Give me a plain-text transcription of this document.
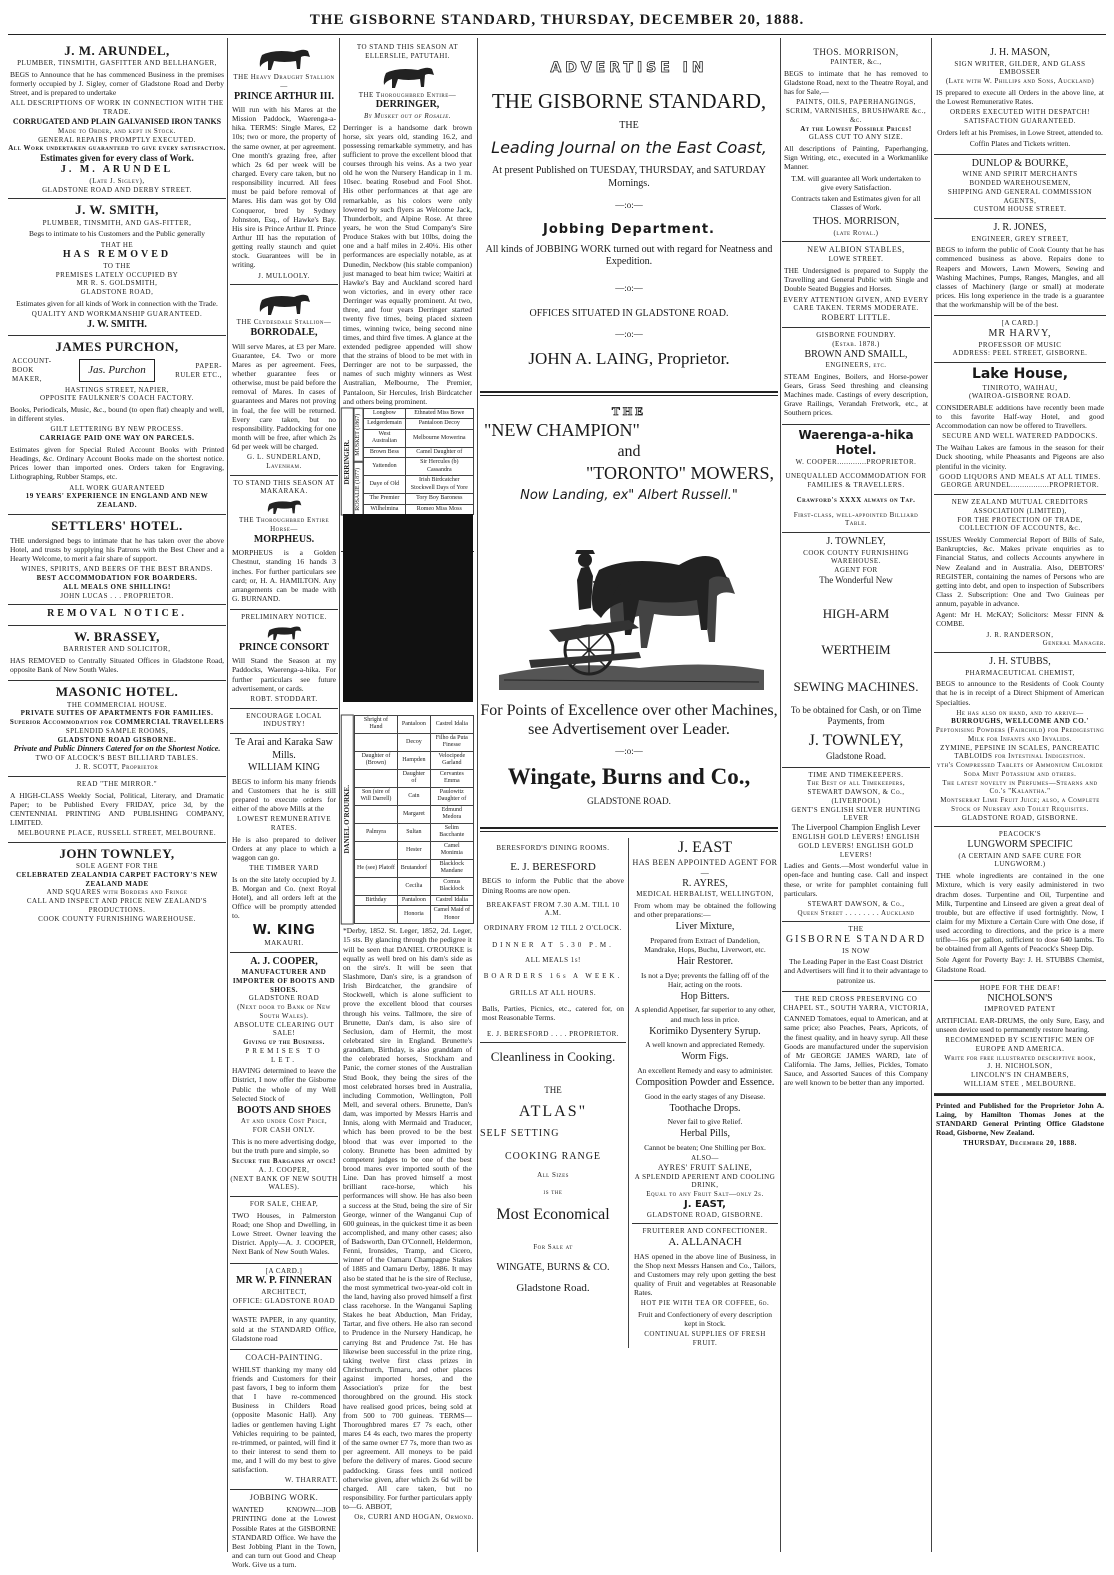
THE GISBORNE STANDARD, THURSDAY, DECEMBER 20, 1888.
J. M. ARUNDEL,
PLUMBER, TINSMITH, GASFITTER AND BELLHANGER,
BEGS to Announce that he has commenced Business in the premises formerly occupied by J. Sigley, corner of Gladstone Road and Derby Street, and is prepared to undertake
ALL DESCRIPTIONS OF WORK IN CONNECTION WITH THE TRADE.
CORRUGATED AND PLAIN GALVANISED IRON TANKS
Made to Order, and kept in Stock.
GENERAL REPAIRS PROMPTLY EXECUTED.
All Work undertaken guaranteed to give every satisfaction.
Estimates given for every class of Work.
J. M. ARUNDEL
(Late J. Sigley),
GLADSTONE ROAD AND DERBY STREET.
J. W. SMITH,
PLUMBER, TINSMITH, AND GAS-FITTER,
Begs to intimate to his Customers and the Public generally
THAT HE
HAS REMOVED
TO THE
PREMISES LATELY OCCUPIED BY
MR R. S. GOLDSMITH,
GLADSTONE ROAD,
Estimates given for all kinds of Work in connection with the Trade.
QUALITY AND WORKMANSHIP GUARANTEED.
J. W. SMITH.
JAMES PURCHON,
ACCOUNT-BOOK MAKER,
Jas. Purchon	PAPER-RULER ETC.,
HASTINGS STREET, NAPIER,
OPPOSITE FAULKNER'S COACH FACTORY.
Books, Periodicals, Music, &c., bound (to open flat) cheaply and well, in different styles.
GILT LETTERING BY NEW PROCESS.
CARRIAGE PAID ONE WAY ON PARCELS.
Estimates given for Special Ruled Account Books with Printed Headings, &c. Ordinary Account Books made on the shortest notice. Prices lower than imported ones. Orders taken for Engraving, Lithographing, Rubber Stamps, etc.
ALL WORK GUARANTEED
19 YEARS' EXPERIENCE IN ENGLAND AND NEW ZEALAND.
SETTLERS' HOTEL.
THE undersigned begs to intimate that he has taken over the above Hotel, and trusts by supplying his Patrons with the Best Cheer and a Hearty Welcome, to merit a fair share of support.
WINES, SPIRITS, AND BEERS OF THE BEST BRANDS.
BEST ACCOMMODATION FOR BOARDERS.
ALL MEALS ONE SHILLING!
JOHN LUCAS . . . PROPRIETOR.
REMOVAL NOTICE.
W. BRASSEY,
BARRISTER AND SOLICITOR,
HAS REMOVED to Centrally Situated Offices in Gladstone Road, opposite Bank of New South Wales.
MASONIC HOTEL.
THE COMMERCIAL HOUSE.
PRIVATE SUITES OF APARTMENTS FOR FAMILIES.
Superior Accommodation for COMMERCIAL TRAVELLERS
SPLENDID SAMPLE ROOMS,
GLADSTONE ROAD GISBORNE.
Private and Public Dinners Catered for on the Shortest Notice.
TWO OF ALCOCK'S BEST BILLIARD TABLES.
J. R. SCOTT, Proprietor
READ "THE MIRROR."
A HIGH-CLASS Weekly Social, Political, Literary, and Dramatic Paper; to be Published Every FRIDAY, price 3d, by the CENTENNIAL PRINTING AND PUBLISHING COMPANY, LIMITED.
MELBOURNE PLACE, RUSSELL STREET, MELBOURNE.
JOHN TOWNLEY,
SOLE AGENT FOR THE
CELEBRATED ZEALANDIA CARPET FACTORY'S NEW ZEALAND MADE
AND SQUARES with Borders and Fringe
CALL AND INSPECT AND PRICE NEW ZEALAND'S PRODUCTIONS.
COOK COUNTY FURNISHING WAREHOUSE.
THE Heavy Draught Stallion—
PRINCE ARTHUR III.
Will run with his Mares at the Mission Paddock, Waerenga-a-hika. TERMS: Single Mares, £2 10s; two or more, the property of the same owner, at per agreement. One month's grazing free, after which 2s 6d per week will be charged. Every care taken, but no responsibility incurred. All fees must be paid before removal of Mares. His dam was got by Old Conqueror, bred by Sydney Johnston, Esq., of Hawke's Bay. His sire is Prince Arthur II. Prince Arthur III has the reputation of getting really staunch and quiet stock. Guarantees will be in writing.
J. MULLOOLY.
THE Clydesdale Stallion—
BORRODALE,
Will serve Mares, at £3 per Mare. Guarantee, £4. Two or more Mares as per agreement. Fees, whether guarantee fees or otherwise, must be paid before the removal of Mares. In cases of guarantees and Mares not proving in foal, the fee will be returned. Every care taken, but no responsibility. Paddocking for one month will be free, after which 2s 6d per week will be charged.
G. L. SUNDERLAND, Lavenham.
TO STAND THIS SEASON AT MAKARAKA.
THE Thoroughbred Entire Horse—
MORPHEUS.
MORPHEUS is a Golden Chestnut, standing 16 hands 3 inches. For further particulars see card; or, H. A. HAMILTON. Any arrangements can be made with G. BURNAND.
PRELIMINARY NOTICE.
PRINCE CONSORT
Will Stand the Season at my Paddocks, Waerenga-a-hika. For further particulars see future advertisement, or cards.
ROBT. STODDART.
ENCOURAGE LOCAL INDUSTRY!
Te Arai and Karaka Saw Mills.
WILLIAM KING
BEGS to inform his many friends and Customers that he is still prepared to execute orders for either of the above Mills at the
LOWEST REMUNERATIVE RATES.
He is also prepared to deliver Orders at any place to which a waggon can go.
THE TIMBER YARD
Is on the site lately occupied by J. B. Morgan and Co. (next Royal Hotel), and all orders left at the Office will be promptly attended to.
W. KING
MAKAURI.
A. J. COOPER,
MANUFACTURER AND IMPORTER OF BOOTS AND SHOES.
GLADSTONE ROAD
(Next door to Bank of New South Wales).
ABSOLUTE CLEARING OUT SALE!
Giving up the Business.
PREMISES TO LET.
HAVING determined to leave the District, I now offer the Gisborne Public the whole of my Well Selected Stock of
BOOTS AND SHOES
At and under Cost Price,
FOR CASH ONLY.
This is no mere advertising dodge, but the truth pure and simple, so
Secure the Bargains at once!
A. J. COOPER,
(NEXT BANK OF NEW SOUTH WALES).
FOR SALE, CHEAP,
TWO Houses, in Palmerston Road; one Shop and Dwelling, in Lowe Street. Owner leaving the District. Apply—A. J. COOPER, Next Bank of New South Wales.
[A CARD.]
MR W. P. FINNERAN
ARCHITECT,
OFFICE: GLADSTONE ROAD
WASTE PAPER, in any quantity, sold at the STANDARD Office, Gladstone road
COACH-PAINTING.
WHILST thanking my many old friends and Customers for their past favors, I beg to inform them that I have re-commenced Business in Childers Road (opposite Masonic Hall). Any ladies or gentlemen having Light Vehicles requiring to be painted, re-trimmed, or painted, will find it to their interest to send them to me, and I will do my best to give satisfaction.
W. THARRATT.
JOBBING WORK.
WANTED KNOWN—JOB PRINTING done at the Lowest Possible Rates at the GISBORNE STANDARD Office. We have the Best Jobbing Plant in the Town, and can turn out Good and Cheap Work. Give us a turn.
TO STAND THIS SEASON AT ELLERSLIE, PATUTAHI.
THE Thoroughbred Entire—
DERRINGER,
By Musket out of Rosalie.
Derringer is a handsome dark brown horse, six years old, standing 16.2, and possessing remarkable symmetry, and has sufficient to prove the excellent blood that courses through his veins. As a two year old he won the Nursery Handicap in 1 m. 10sec. beating Rosebud and Fool Shot. His other performances at that age are remarkable, as his colors were only lowered by such flyers as Welcome Jack, Thunderbolt, and Alpine Rose. At three years, he won the Stud Company's Sire Produce Stakes with but 10lbs, doing the one and a half miles in 2.40¼. His other performances are especially notable, as at Dunedin, Neckbow (his stable companion) just managed to beat him twice; Waitiri at Hawke's Bay and Auckland scored hard won victories, and in every other race Derringer was equally prominent. At two, three, and four years Derringer started twenty five times, being placed sixteen times, winning twice, being second nine times, and third five times. A glance at the extended pedigree appended will show that the strains of blood to be met with in Derringer are not to be surpassed, the names of such mighty winners as West Australian, Melbourne, The Premier, Pantaloon, Sir Hercules, Irish Birdcatcher and others being prominent.
DERRINGER.
MUSKET (1867)
ROSALIE (1877)
Longbow	Ethnated Miss Bowe
Ledgerdemain	Pantaloon Decoy
West Australian	Melbourne Mowerina
Brown Bess	Camel Daughter of
Yattendon	Sir Hercules (b) Cassandra
Daye of Old	Irish Birdcatcher Stockwell Days of Yore
The Premier	Tory Boy Baroness
Wilhelmina	Romeo Miss Moss
DANIEL O'ROURKE.
Shright of Hand	Pantaloon	Castrel Idalia
	Decoy	Filho da Puta Finesse
Daughter of (Brown)	Hampden	Velocipede Garland
	Daughter of	Cervantes Emma
Son (sire of Will Darrell)	Cain	Paulowitz Daughter of
	Margaret	Edmund Medora
Palmyra	Sultan	Selim Bacchante
	Hester	Camel Monimia
He (see) Platoff	Brutandorf	Blacklock Mandane
	Cecilia	Comus Blacklock
Birthday	Pantaloon	Castrel Idalia
	Honoria	Camel Maid of Honor
*Derby, 1852. St. Leger, 1852, 2d. Leger, 15 sts. By glancing through the pedigree it will be seen that DANIEL O'ROURKE is equally as well bred on his dam's side as on the sire's. It will be seen that Slashmore, Dan's sire, is a grandson of Irish Birdcatcher, the grandsire of Stockwell, which is alone sufficient to prove the excellent blood that courses through his veins. Tallmore, the sire of Brunette, Dan's dam, is also sire of Seclusion, dam of Hermit, the most celebrated sire in England. Brunette's granddam, Birthday, is also granddam of the celebrated horses, Stockham and Panic, the corner stones of the Australian Stud Book, they being the sires of the most celebrated horses bred in Australia, including Commotion, Wellington, Poll Mell, and several others. Brunette, Dan's dam, was imported by Messrs Harris and Innis, along with Mermaid and Traducer, which has been proved to be the best blood that was ever imported to the colony. Brunette has been admitted by competent judges to be one of the best brood mares ever imported south of the Line. Dan has proved himself a most brilliant race-horse, which his performances will show. He has also been a success at the Stud, being the sire of Sir George, winner of the Wanganui Cup of 600 guineas, in the quickest time it as been accomplished, and many other cases; also of Badsworth, Dan O'Connell, Heldermon, Fenni, Ironsides, Tramp, and Cicero, winner of the Oamaru Champagne Stakes of 1885 and Oamaru Derby, 1886. It may also be stated that he is the sire of Recluse, the most symmetrical two-year-old colt in the land, having also proved himself a first class racehorse. In the Wanganui Sapling Stakes he beat Abduction, Man Friday, Tartar, and five others. He also ran second to Prudence in the Nursery Handicap, he carrying 8st and Prudence 7st. He has likewise been successful in the prize ring, taking twelve first class prizes in Christchurch, Timaru, and other places against imported horses, and the Association's prize for the best thoroughbred on the ground. His stock have realised good prices, being sold at from 500 to 700 guineas. TERMS—Thoroughbred mares £7 7s each, other mares £4 4s each, two mares the property of the same owner £7 7s, more than two as per agreement. All moneys to be paid before the delivery of mares. Good secure paddocking. Grass fees until noticed otherwise given, after which 2s 6d will be charged. All care taken, but no responsibility. For further particulars apply to—G. ABBOT,
Or, CURRI AND HOGAN, Ormond.
ADVERTISE IN
THE GISBORNE STANDARD,
THE
Leading Journal on the East Coast,
At present Published on TUESDAY, THURSDAY, and SATURDAY Mornings.
—:o:—
Jobbing Department.
All kinds of JOBBING WORK turned out with regard for Neatness and Expedition.
—:o:—
OFFICES SITUATED IN GLADSTONE ROAD.
—:o:—
JOHN A. LAING, Proprietor.
THE
"NEW CHAMPION"
and
"TORONTO" MOWERS,
Now Landing, ex" Albert Russell."
For Points of Excellence over other Machines, see Advertisement over Leader.
—:o:—
Wingate, Burns and Co.,
GLADSTONE ROAD.
BERESFORD'S DINING ROOMS.
E. J. BERESFORD
BEGS to inform the Public that the above Dining Rooms are now open.
BREAKFAST FROM 7.30 A.M. TILL 10 A.M.
ORDINARY FROM 12 TILL 2 O'CLOCK.
DINNER AT 5.30 P.M.
ALL MEALS 1s!
BOARDERS 16s A WEEK.
GRILLS AT ALL HOURS.
Balls, Parties, Picnics, etc., catered for, on most Reasonable Terms.
E. J. BERESFORD . . . . PROPRIETOR.
Cleanliness in Cooking.
THE
ATLAS"
SELF SETTING
COOKING RANGE
All Sizes
is the
Most Economical
For Sale at
WINGATE, BURNS & CO.
Gladstone Road.
J. EAST
HAS BEEN APPOINTED AGENT FOR—
R. AYRES,
MEDICAL HERBALIST, WELLINGTON,
From whom may be obtained the following and other preparations:—
Liver Mixture,
Prepared from Extract of Dandelion, Mandrake, Hops, Buchu, Liverwort, etc.
Hair Restorer.
Is not a Dye; prevents the falling off of the Hair, acting on the roots.
Hop Bitters.
A splendid Appetiser, far superior to any other, and much less in price.
Korimiko Dysentery Syrup.
A well known and appreciated Remedy.
Worm Figs.
An excellent Remedy and easy to administer.
Composition Powder and Essence.
Good in the early stages of any Disease.
Toothache Drops.
Never fail to give Relief.
Herbal Pills,
Cannot be beaten; One Shilling per Box.
ALSO—
AYRES' FRUIT SALINE,
A SPLENDID APERIENT AND COOLING DRINK,
Equal to any Fruit Salt—only 2s.
J. EAST,
GLADSTONE ROAD, GISBORNE.
FRUITERER AND CONFECTIONER.
A. ALLANACH
HAS opened in the above line of Business, in the Shop next Messrs Hansen and Co., Tailors, and Customers may rely upon getting the best quality of Fruit and vegetables at Reasonable Rates.
HOT PIE WITH TEA OR COFFEE, 6d.
Fruit and Confectionery of every description kept in Stock.
CONTINUAL SUPPLIES OF FRESH FRUIT.
THOS. MORRISON,
PAINTER, &c.,
BEGS to intimate that he has removed to Gladstone Road, next to the Theatre Royal, and has for Sale,—
PAINTS, OILS, PAPERHANGINGS,
SCRIM, VARNISHES, BRUSHWARE &c., &c.
At the Lowest Possible Prices!
GLASS CUT TO ANY SIZE.
All descriptions of Painting, Paperhanging, Sign Writing, etc., executed in a Workmanlike Manner.
T.M. will guarantee all Work undertaken to give every Satisfaction.
Contracts taken and Estimates given for all Classes of Work.
THOS. MORRISON,
(late Royal.)
NEW ALBION STABLES,
LOWE STREET.
THE Undersigned is prepared to Supply the Travelling and General Public with Single and Double Seated Buggies and Horses.
EVERY ATTENTION GIVEN, AND EVERY CARE TAKEN. TERMS MODERATE.
ROBERT LITTLE.
GISBORNE FOUNDRY.
(Estab. 1878.)
BROWN AND SMAILL,
ENGINEERS, etc.
STEAM Engines, Boilers, and Horse-power Gears, Grass Seed threshing and cleansing Machines made. Castings of every description, Grave Railings, Verandah Fretwork, etc., at Southern prices.
Waerenga-a-hika Hotel.
W. COOPER.............PROPRIETOR.
UNEQUALLED ACCOMMODATION FOR FAMILIES & TRAVELLERS.
Crawford's XXXX always on Tap.
First-class, well-appointed Billiard Table.
J. TOWNLEY,
COOK COUNTY FURNISHING WAREHOUSE.
AGENT FOR
The Wonderful New
HIGH-ARM
WERTHEIM
SEWING MACHINES.
To be obtained for Cash, or on Time Payments, from
J. TOWNLEY,
Gladstone Road.
TIME AND TIMEKEEPERS.
The Best of all Timekeepers,
STEWART DAWSON, & Co.,
(LIVERPOOL)
GENT'S ENGLISH SILVER HUNTING LEVER
The Liverpool Champion English Lever
ENGLISH GOLD LEVERS! ENGLISH GOLD LEVERS! ENGLISH GOLD LEVERS!
Ladies and Gents.—Most wonderful value in open-face and hunting case. Call and inspect these, or write for pamphlet containing full particulars.
STEWART DAWSON, & Co.,
Queen Street . . . . . . . . Auckland
THE
GISBORNE STANDARD
IS NOW
The Leading Paper in the East Coast District and Advertisers will find it to their advantage to patronize us.
THE RED CROSS PRESERVING CO
CHAPEL ST., SOUTH YARRA, VICTORIA,
CANNED Tomatoes, equal to American, and at same price; also Peaches, Pears, Apricots, of the finest quality, and in heavy syrup. All these Goods are manufactured under the supervision of Mr GEORGE JAMES WARD, late of California. The Jams, Jellies, Pickles, Tomato Sauce, and Assorted Sauces of this Company are well known to be better than any imported.
J. H. MASON,
SIGN WRITER, GILDER, AND GLASS EMBOSSER
(Late with W. Phillips and Sons, Auckland)
IS prepared to execute all Orders in the above line, at the Lowest Remunerative Rates.
ORDERS EXECUTED WITH DESPATCH! SATISFACTION GUARANTEED.
Orders left at his Premises, in Lowe Street, attended to.
Coffin Plates and Tickets written.
DUNLOP & BOURKE,
WINE AND SPIRIT MERCHANTS
BONDED WAREHOUSEMEN,
SHIPPING AND GENERAL COMMISSION AGENTS,
CUSTOM HOUSE STREET.
J. R. JONES,
ENGINEER, GREY STREET,
BEGS to inform the public of Cook County that he has commenced business as above. Repairs done to Reapers and Mowers, Lawn Mowers, Sewing and Washing Machines, Pumps, Ranges, Mangles, and all classes of Machinery (large or small) at moderate prices. His long experience in the trade is a guarantee that the workmanship will be of the best.
[A CARD.]
MR HARVY,
PROFESSOR OF MUSIC
ADDRESS: PEEL STREET, GISBORNE.
Lake House,
TINIROTO, WAIHAU,
(WAIROA-GISBORNE ROAD.
CONSIDERABLE additions have recently been made to this favorite Half-way Hotel, and good Accommodation can now be offered to Travellers.
SECURE AND WELL WATERED PADDOCKS.
The Waihau Lakes are famous in the season for their Duck shooting, while Pheasants and Pigeons are also plentiful in the vicinity.
GOOD LIQUORS AND MEALS AT ALL TIMES.
GEORGE ARUNDEL.................PROPRIETOR.
NEW ZEALAND MUTUAL CREDITORS ASSOCIATION (LIMITED),
FOR THE PROTECTION OF TRADE, COLLECTION OF ACCOUNTS, &c.
ISSUES Weekly Commercial Report of Bills of Sale, Bankruptcies, &c. Makes private enquiries as to Financial Status, and collects Accounts anywhere in New Zealand and in Australia. Also, DEBTORS' REGISTER, containing the names of Persons who are getting into debt, and open to inspection of Subscribers Class 2. Subscription: One and Two Guineas per annum, payable in advance.
Agent: Mr H. McKAY; Solicitors: Messr FINN & COMBE.
J. R. RANDERSON,
General Manager.
J. H. STUBBS,
PHARMACEUTICAL CHEMIST,
BEGS to announce to the Residents of Cook County that he is in receipt of a Direct Shipment of American Specialties.
He has also on hand, and to arrive—
BURROUGHS, WELLCOME AND CO.'
Peptonising Powders (Fairchild) for Predigesting Milk for Infants and Invalids.
ZYMINE, PEPSINE IN SCALES, PANCREATIC TABLOIDS for Intestinal Indigestion.
yth's Compressed Tablets of Ammonium Chloride Soda Mint Potassium and others.
The latest novelty in Perfumes—Stearns and Co.'s "Kalantha."
Montserrat Lime Fruit Juice; also, a Complete Stock of Nursery and Toilet Requisites.
GLADSTONE ROAD, GISBORNE.
PEACOCK'S
LUNGWORM SPECIFIC
(A CERTAIN AND SAFE CURE FOR LUNGWORM.)
THE whole ingredients are contained in the one Mixture, which is very easily administered in two drachm doses. Turpentine and Oil, Turpentine and Milk, Turpentine and Linseed are given a great deal of trouble, but are effective if used fortnightly. Now, I claim for my Mixture a Certain Cure with One dose, if used according to directions, and the price is a mere trifle—16s per gallon, sufficient to dose 640 lambs. To be obtained from all Agents of Peacock's Sheep Dip.
Sole Agent for Poverty Bay: J. H. STUBBS Chemist, Gladstone Road.
HOPE FOR THE DEAF!
NICHOLSON'S
IMPROVED PATENT
ARTIFICIAL EAR-DRUMS, the only Sure, Easy, and unseen device used to permanently restore hearing.
RECOMMENDED BY SCIENTIFIC MEN OF EUROPE AND AMERICA.
Write for free illustrated descriptive book,
J. H. NICHOLSON,
LINCOLN'S IN CHAMBERS,
WILLIAM STEE , MELBOURNE.
Printed and Published for the Proprietor John A. Laing, by Hamilton Thomas Jones at the STANDARD General Printing Office Gladstone Road, Gisborne, New Zealand.
THURSDAY, December 20, 1888.
